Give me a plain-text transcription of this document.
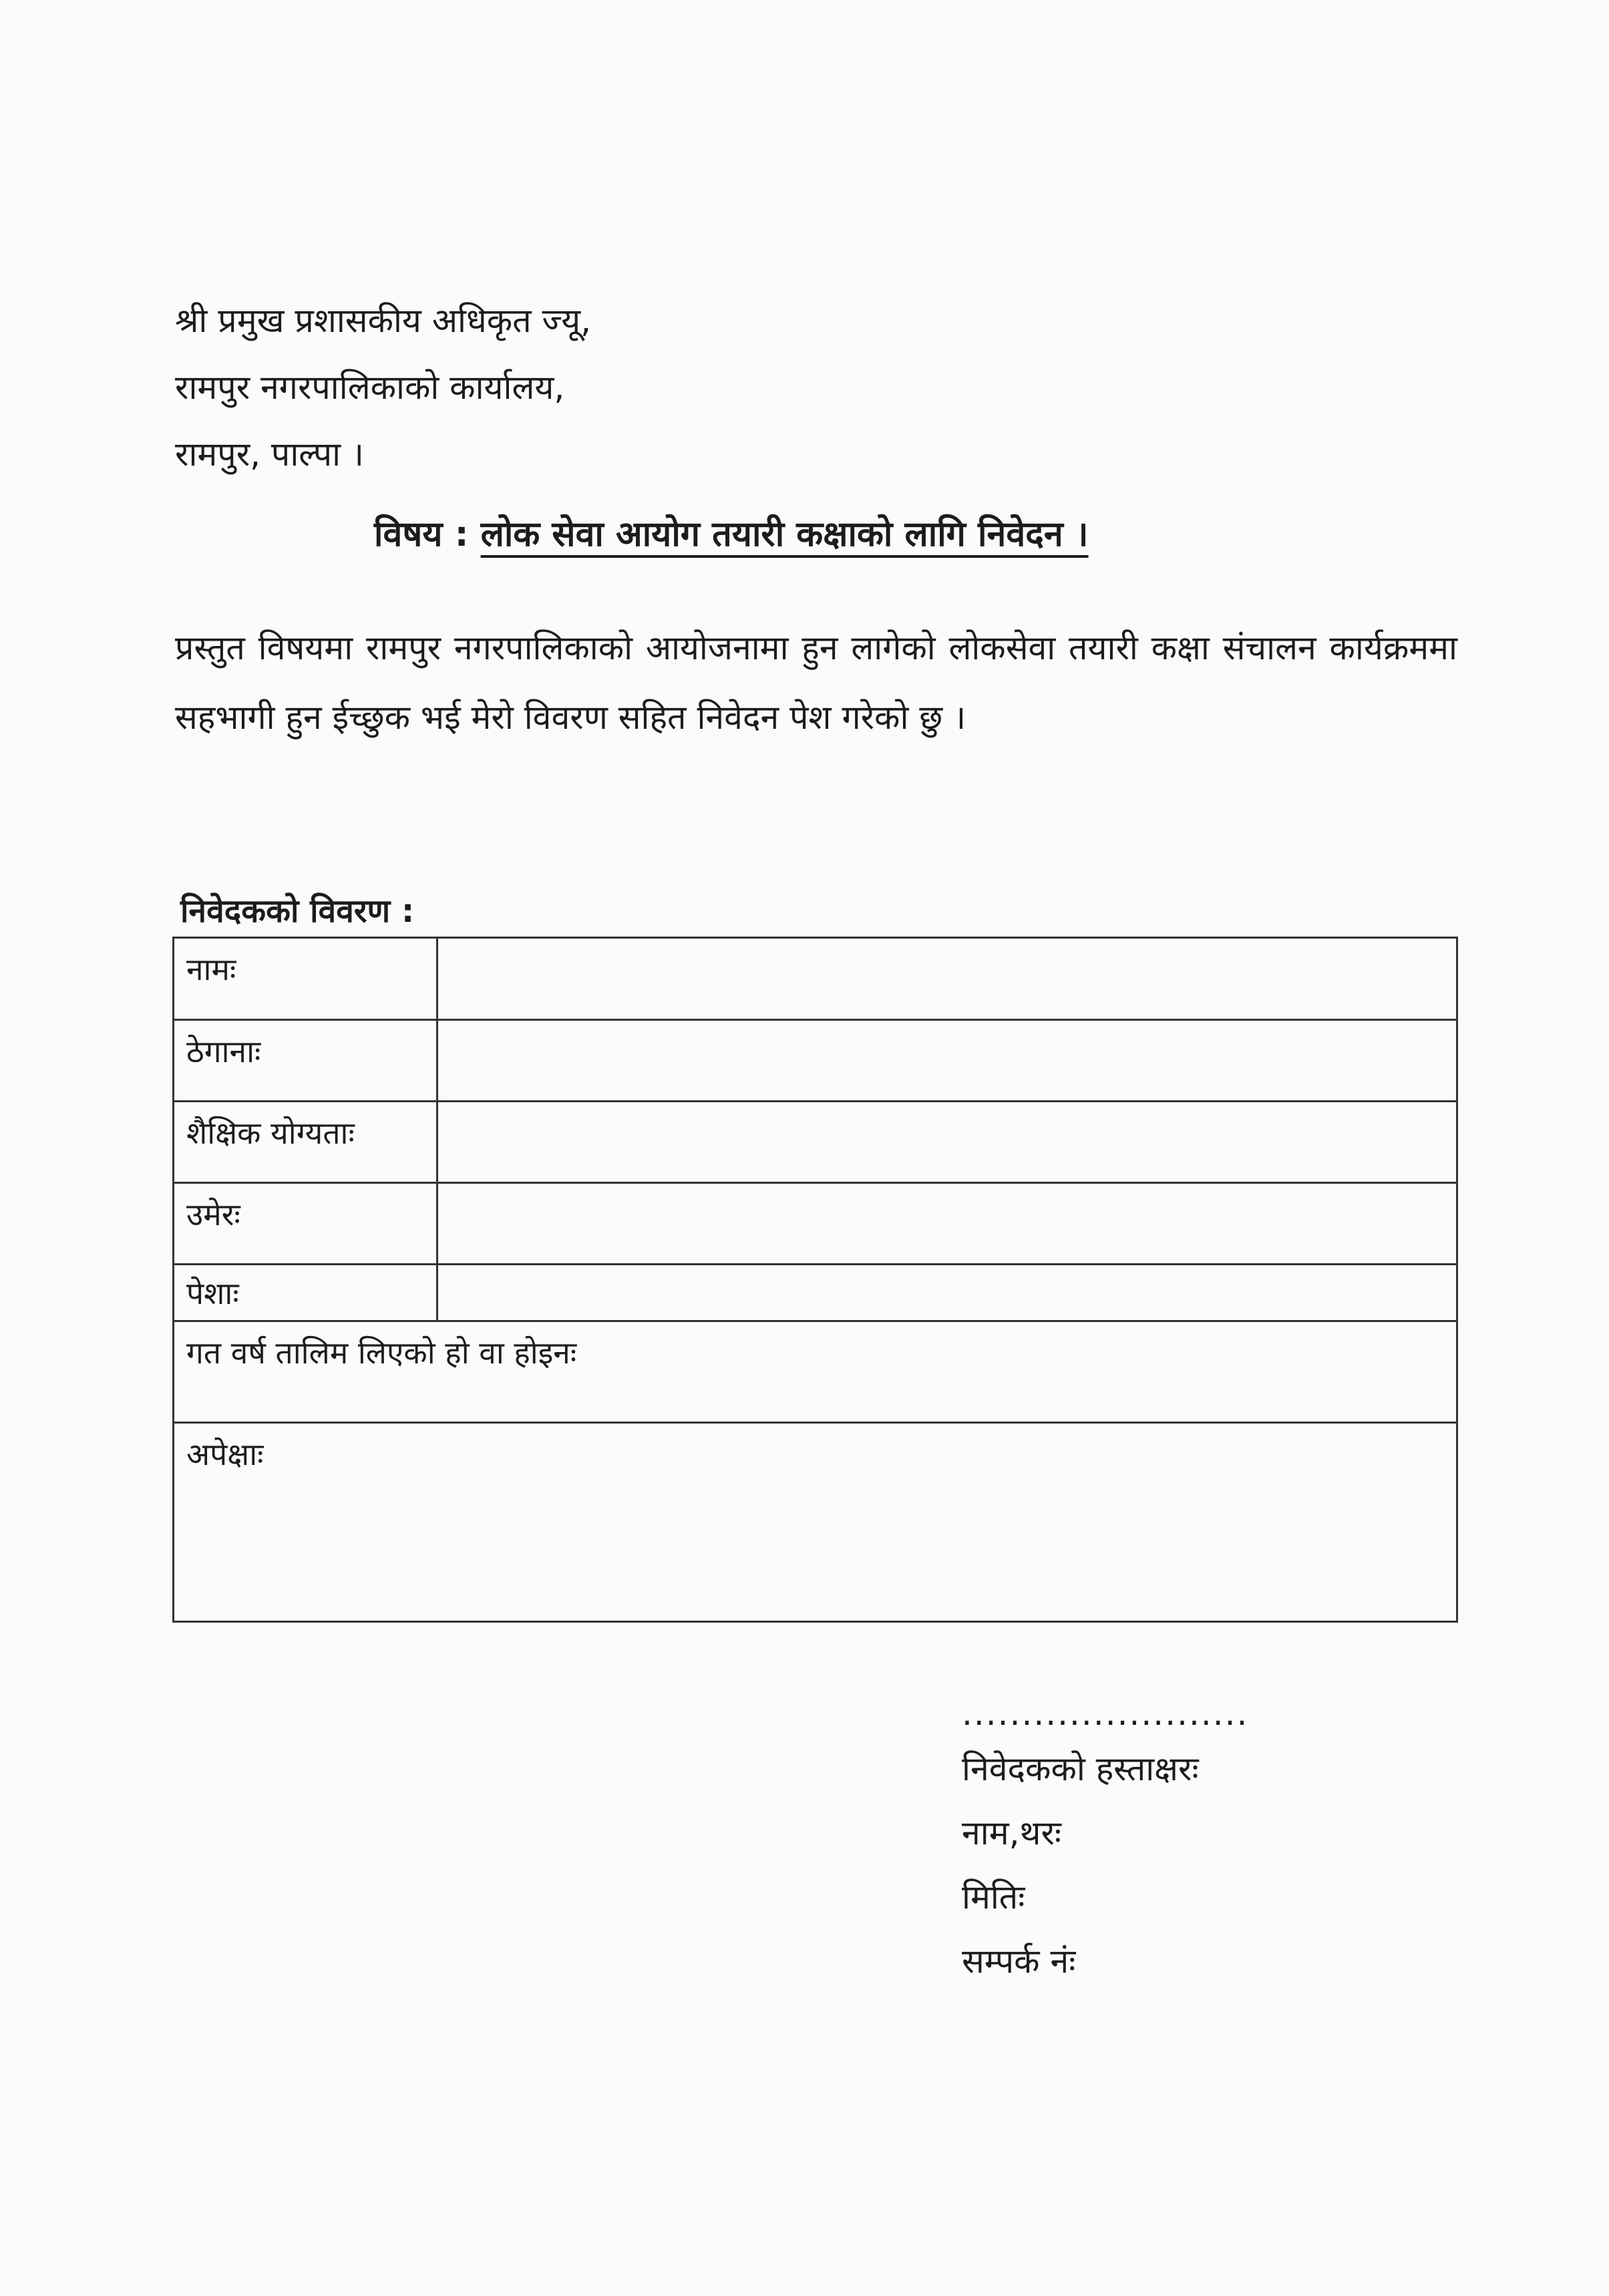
श्री प्रमुख प्रशासकीय अधिकृत ज्यू,
रामपुर नगरपालिकाको कार्यालय,
रामपुर, पाल्पा ।
विषय : लोक सेवा आयोग तयारी कक्षाको लागि निवेदन ।
प्रस्तुत विषयमा रामपुर नगरपालिकाको आयोजनामा हुन लागेको लोकसेवा तयारी कक्षा संचालन कार्यक्रममा सहभागी हुन ईच्छुक भई मेरो विवरण सहित निवेदन पेश गरेको छु ।
निवेदकको विवरण :
नामः	
ठेगानाः	
शैक्षिक योग्यताः	
उमेरः	
पेशाः	
गत वर्ष तालिम लिएको हो वा होइनः	
अपेक्षाः	
........................
निवेदकको हस्ताक्षरः
नाम,थरः
मितिः
सम्पर्क नंः
